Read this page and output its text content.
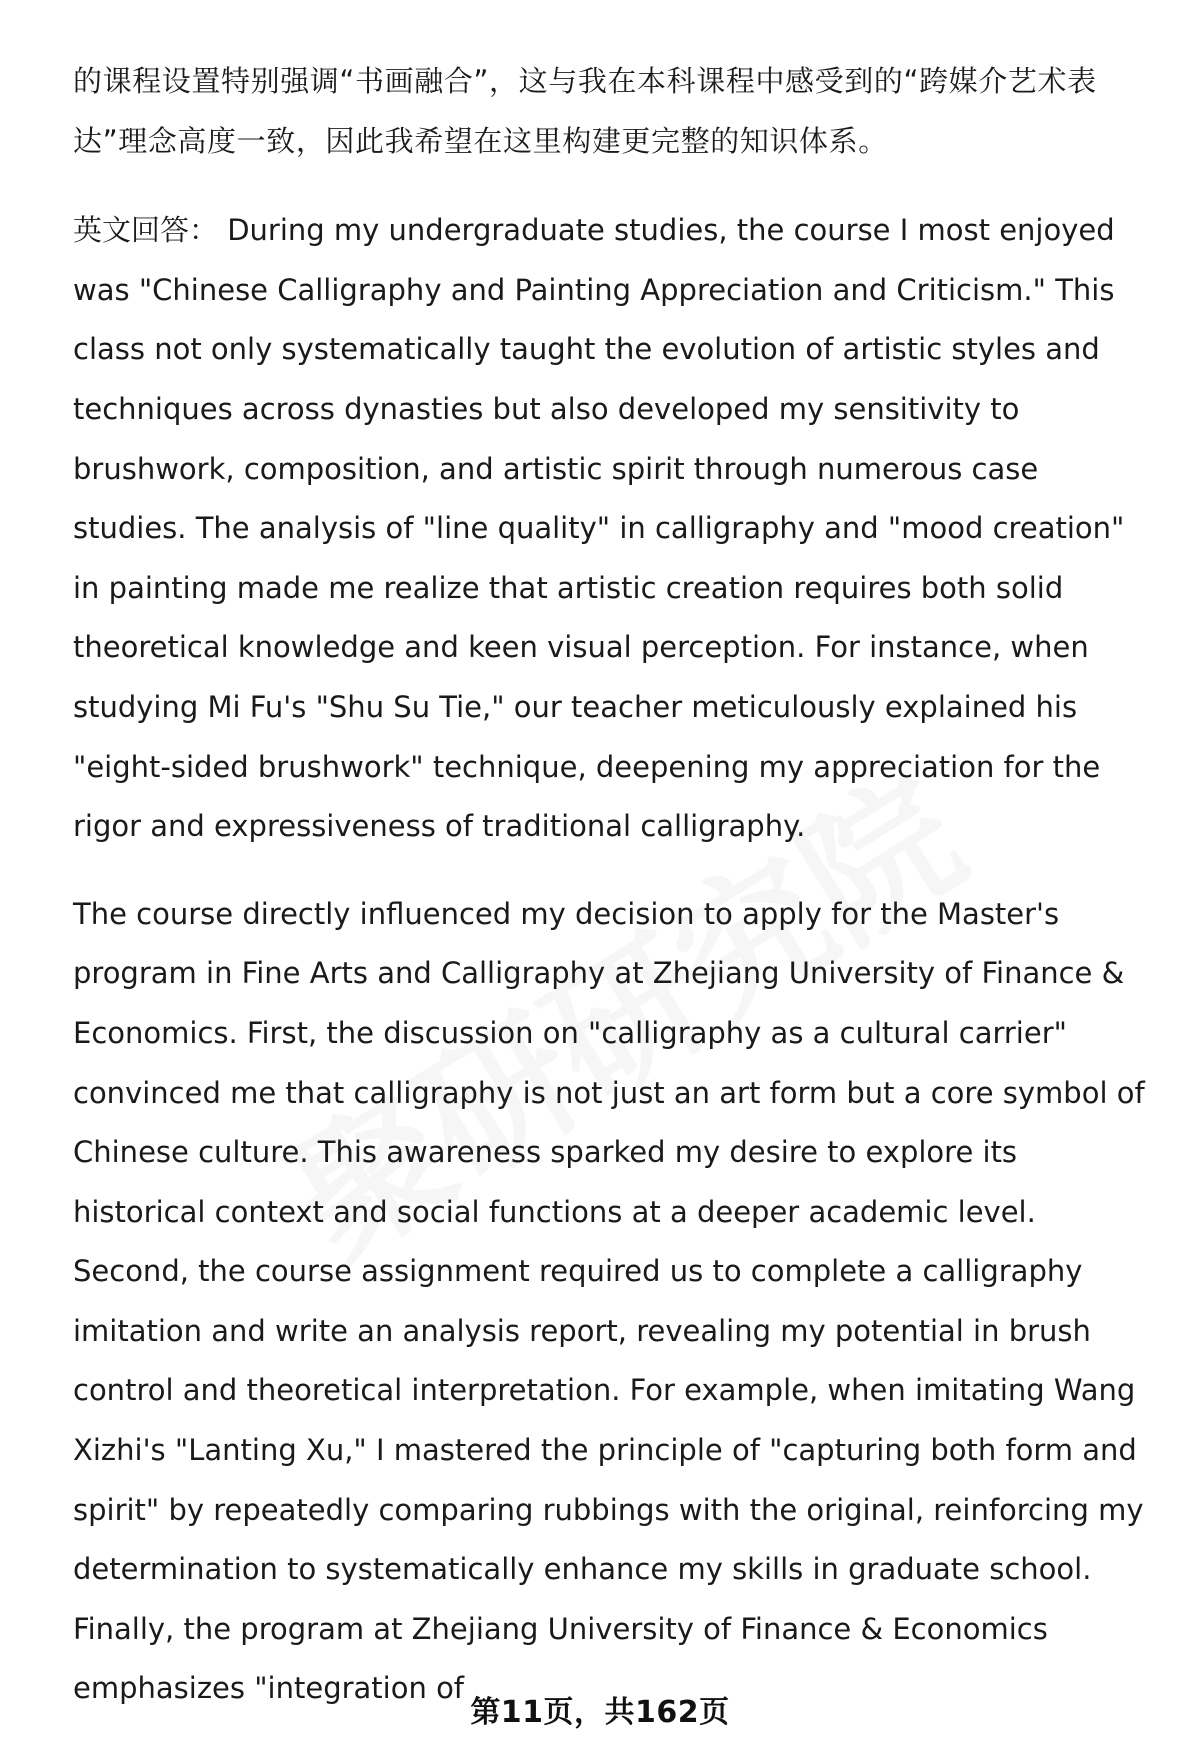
的课程设置特别强调“书画融合”，这与我在本科课程中感受到的“跨媒介艺术表达”理念高度一致，因此我希望在这里构建更完整的知识体系。

英文回答： During my undergraduate studies, the course I most enjoyed was "Chinese Calligraphy and Painting Appreciation and Criticism." This class not only systematically taught the evolution of artistic styles and techniques across dynasties but also developed my sensitivity to brushwork, composition, and artistic spirit through numerous case studies. The analysis of "line quality" in calligraphy and "mood creation" in painting made me realize that artistic creation requires both solid theoretical knowledge and keen visual perception. For instance, when studying Mi Fu's "Shu Su Tie," our teacher meticulously explained his "eight-sided brushwork" technique, deepening my appreciation for the rigor and expressiveness of traditional calligraphy.

The course directly influenced my decision to apply for the Master's program in Fine Arts and Calligraphy at Zhejiang University of Finance & Economics. First, the discussion on "calligraphy as a cultural carrier" convinced me that calligraphy is not just an art form but a core symbol of Chinese culture. This awareness sparked my desire to explore its historical context and social functions at a deeper academic level. Second, the course assignment required us to complete a calligraphy imitation and write an analysis report, revealing my potential in brush control and theoretical interpretation. For example, when imitating Wang Xizhi's "Lanting Xu," I mastered the principle of "capturing both form and spirit" by repeatedly comparing rubbings with the original, reinforcing my determination to systematically enhance my skills in graduate school. Finally, the program at Zhejiang University of Finance & Economics emphasizes "integration of

第11页，共162页
